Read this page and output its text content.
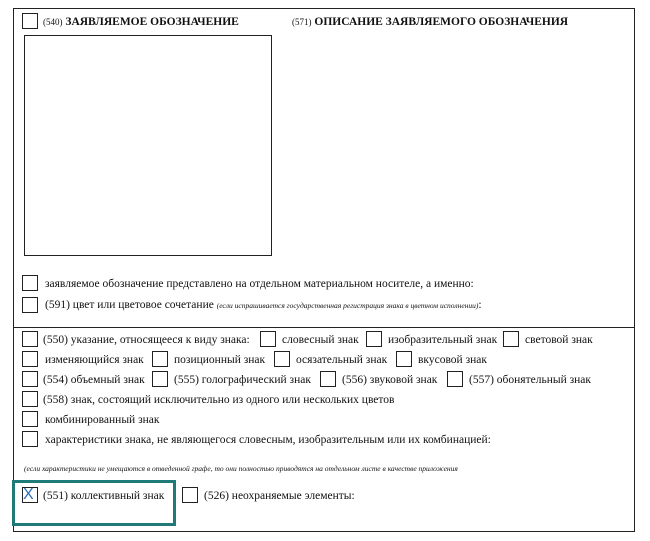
(540) ЗАЯВЛЯЕМОЕ ОБОЗНАЧЕНИЕ	(571) ОПИСАНИЕ ЗАЯВЛЯЕМОГО ОБОЗНАЧЕНИЯ
заявляемое обозначение представлено на отдельном материальном носителе, а именно:
(591) цвет или цветовое сочетание (если испрашивается государственная регистрация знака в цветном исполнении):
(550) указание, относящееся к виду знака:	словесный знак	изобразительный знак световой знак
изменяющийся знак	позиционный знак	осязательный знак	вкусовой знак
(554) объемный знак	(555) голографический знак	(556) звуковой знак	(557) обонятельный знак
(558) знак, состоящий исключительно из одного или нескольких цветов
комбинированный знак
характеристики знака, не являющегося словесным, изобразительным или их комбинацией:
(если характеристики не умещаются в отведенной графе, то они полностью приводятся на отдельном листе в качестве приложения
X (551) коллективный знак	(526) неохраняемые элементы:
